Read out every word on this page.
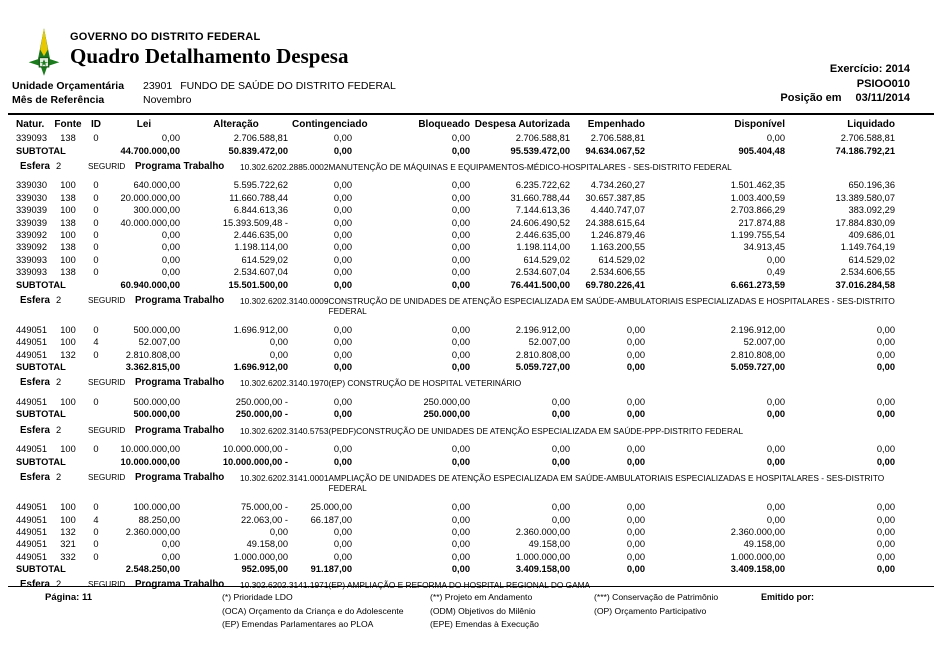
GOVERNO DO DISTRITO FEDERAL
Quadro Detalhamento Despesa
Exercício: 2014
PSIOO010
Posição em 03/11/2014
Unidade Orçamentária 23901 FUNDO DE SAÚDE DO DISTRITO FEDERAL
Mês de Referência	Novembro
Natur.	Fonte	ID	Lei	Alteração	Contingenciado	Bloqueado	Despesa Autorizada	Empenhado	Disponível	Liquidado
339093	138	0	0,00	2.706.588,81	0,00	0,00	2.706.588,81	2.706.588,81	0,00	2.706.588,81
SUBTOTAL			44.700.000,00	50.839.472,00	0,00	0,00	95.539.472,00	94.634.067,52	905.404,48	74.186.792,21

Esfera 2	SEGURID Programa Trabalho	10.302.6202.2885.0002 MANUTENÇÃO DE MÁQUINAS E EQUIPAMENTOS-MÉDICO-HOSPITALARES - SES-DISTRITO FEDERAL

339030	100	0	640.000,00	5.595.722,62	0,00	0,00	6.235.722,62	4.734.260,27	1.501.462,35	650.196,36
339030	138	0	20.000.000,00	11.660.788,44	0,00	0,00	31.660.788,44	30.657.387,85	1.003.400,59	13.389.580,07
339039	100	0	300.000,00	6.844.613,36	0,00	0,00	7.144.613,36	4.440.747,07	2.703.866,29	383.092,29
339039	138	0	40.000.000,00	15.393.509,48 -	0,00	0,00	24.606.490,52	24.388.615,64	217.874,88	17.884.830,09
339092	100	0	0,00	2.446.635,00	0,00	0,00	2.446.635,00	1.246.879,46	1.199.755,54	409.686,01
339092	138	0	0,00	1.198.114,00	0,00	0,00	1.198.114,00	1.163.200,55	34.913,45	1.149.764,19
339093	100	0	0,00	614.529,02	0,00	0,00	614.529,02	614.529,02	0,00	614.529,02
339093	138	0	0,00	2.534.607,04	0,00	0,00	2.534.607,04	2.534.606,55	0,49	2.534.606,55
SUBTOTAL			60.940.000,00	15.501.500,00	0,00	0,00	76.441.500,00	69.780.226,41	6.661.273,59	37.016.284,58

Esfera 2	SEGURID Programa Trabalho	10.302.6202.3140.0009 CONSTRUÇÃO DE UNIDADES DE ATENÇÃO ESPECIALIZADA EM SAÚDE-AMBULATORIAIS ESPECIALIZADAS E HOSPITALARES - SES-DISTRITO FEDERAL

449051	100	0	500.000,00	1.696.912,00	0,00	0,00	2.196.912,00	0,00	2.196.912,00	0,00
449051	100	4	52.007,00	0,00	0,00	0,00	52.007,00	0,00	52.007,00	0,00
449051	132	0	2.810.808,00	0,00	0,00	0,00	2.810.808,00	0,00	2.810.808,00	0,00
SUBTOTAL			3.362.815,00	1.696.912,00	0,00	0,00	5.059.727,00	0,00	5.059.727,00	0,00

Esfera 2	SEGURID Programa Trabalho	10.302.6202.3140.1970 (EP) CONSTRUÇÃO DE HOSPITAL VETERINÁRIO

449051	100	0	500.000,00	250.000,00 -	0,00	250.000,00	0,00	0,00	0,00	0,00
SUBTOTAL			500.000,00	250.000,00 -	0,00	250.000,00	0,00	0,00	0,00	0,00

Esfera 2	SEGURID Programa Trabalho	10.302.6202.3140.5753 (PEDF)CONSTRUÇÃO DE UNIDADES DE ATENÇÃO ESPECIALIZADA EM SAÚDE-PPP-DISTRITO FEDERAL

449051	100	0	10.000.000,00	10.000.000,00 -	0,00	0,00	0,00	0,00	0,00	0,00
SUBTOTAL			10.000.000,00	10.000.000,00 -	0,00	0,00	0,00	0,00	0,00	0,00

Esfera 2	SEGURID Programa Trabalho	10.302.6202.3141.0001 AMPLIAÇÃO DE UNIDADES DE ATENÇÃO ESPECIALIZADA EM SAÚDE-AMBULATORIAIS ESPECIALIZADAS E HOSPITALARES - SES-DISTRITO FEDERAL

449051	100	0	100.000,00	75.000,00 -	25.000,00	0,00	0,00	0,00	0,00	0,00
449051	100	4	88.250,00	22.063,00 -	66.187,00	0,00	0,00	0,00	0,00	0,00
449051	132	0	2.360.000,00	0,00	0,00	0,00	2.360.000,00	0,00	2.360.000,00	0,00
449051	321	0	0,00	49.158,00	0,00	0,00	49.158,00	0,00	49.158,00	0,00
449051	332	0	0,00	1.000.000,00	0,00	0,00	1.000.000,00	0,00	1.000.000,00	0,00
SUBTOTAL			2.548.250,00	952.095,00	91.187,00	0,00	3.409.158,00	0,00	3.409.158,00	0,00

Esfera 2	SEGURID Programa Trabalho	10.302.6202.3141.1971 (EP) AMPLIAÇÃO E REFORMA DO HOSPITAL REGIONAL DO GAMA
Página: 11	(*) Prioridade LDO
(OCA) Orçamento da Criança e do Adolescente
(EP) Emendas Parlamentares ao PLOA
(**) Projeto em Andamento
(ODM) Objetivos do Milênio
(EPE) Emendas à Execução
(***) Conservação de Patrimônio
(OP) Orçamento Participativo
Emitido por:
